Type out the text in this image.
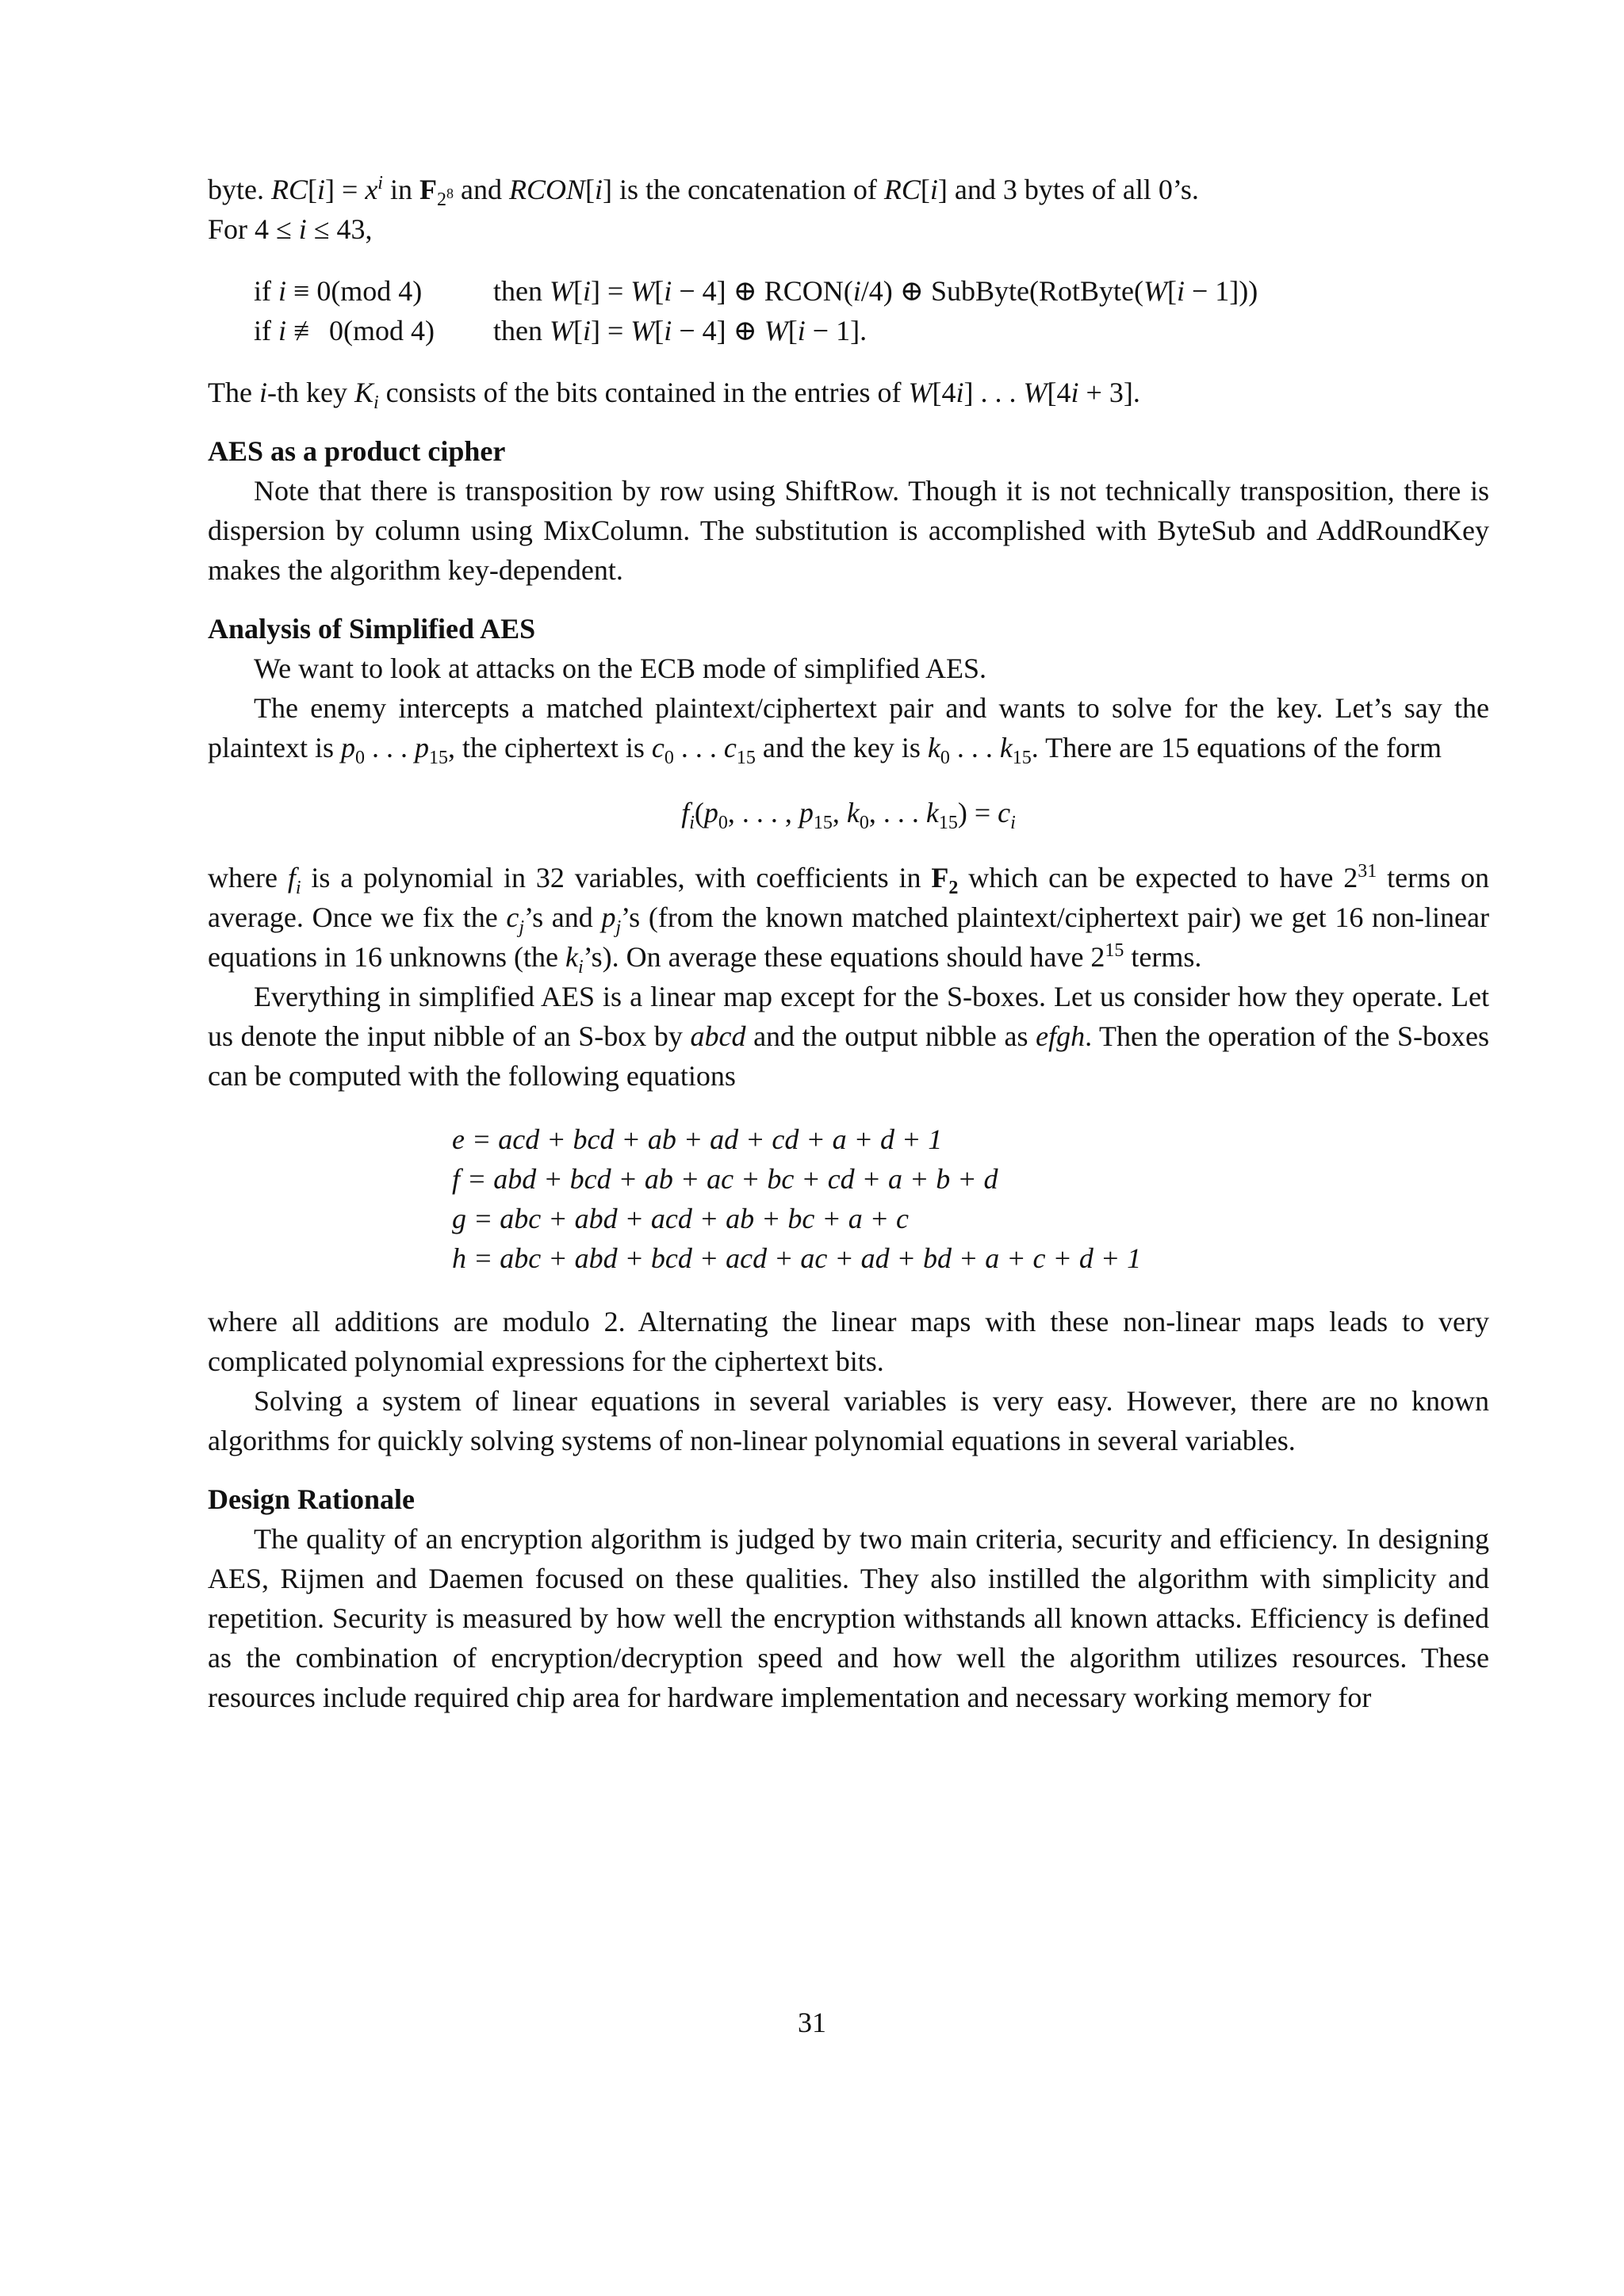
byte. $RC[i] = x^i$ in $F_{2^8}$ and RCON[i] is the concatenation of RC[i] and 3 bytes of all 0’s.

For 4 ≤ i ≤ 43,

if i ≡ 0(mod 4) then W[i] = W[i − 4] ⊕ RCON(i/4) ⊕ SubByte(RotByte(W[i − 1]))
if i ≢ 0(mod 4) then W[i] = W[i − 4] ⊕ W[i − 1].

The i-th key $K_i$ consists of the bits contained in the entries of W[4i] . . . W[4i + 3].

AES as a product cipher

Note that there is transposition by row using ShiftRow. Though it is not technically transposition, there is dispersion by column using MixColumn. The substitution is accomplished with ByteSub and AddRoundKey makes the algorithm key-dependent.

Analysis of Simplified AES

We want to look at attacks on the ECB mode of simplified AES.

The enemy intercepts a matched plaintext/ciphertext pair and wants to solve for the key. Let’s say the plaintext is $p_0$ . . . $p_{15}$, the ciphertext is $c_0$ . . . $c_{15}$ and the key is $k_0$ . . . $k_{15}$. There are 15 equations of the form

$f_i(p_0$, . . . , $p_{15}$, $k_0$, . . . $k_{15}) = c_i$

where $f_i$ is a polynomial in 32 variables, with coefficients in $F_2$ which can be expected to have $2^{31}$ terms on average. Once we fix the $c_j’s$ and $p_j’s$ (from the known matched plaintext/ciphertext pair) we get 16 non-linear equations in 16 unknowns (the $k_i’s$). On average these equations should have $2^{15}$ terms.

Everything in simplified AES is a linear map except for the S-boxes. Let us consider how they operate. Let us denote the input nibble of an S-box by abcd and the output nibble as efgh. Then the operation of the S-boxes can be computed with the following equations

e = acd + bcd + ab + ad + cd + a + d + 1
f = abd + bcd + ab + ac + bc + cd + a + b + d
g = abc + abd + acd + ab + bc + a + c
h = abc + abd + bcd + acd + ac + ad + bd + a + c + d + 1

where all additions are modulo 2. Alternating the linear maps with these non-linear maps leads to very complicated polynomial expressions for the ciphertext bits.

Solving a system of linear equations in several variables is very easy. However, there are no known algorithms for quickly solving systems of non-linear polynomial equations in several variables.

Design Rationale

The quality of an encryption algorithm is judged by two main criteria, security and efficiency. In designing AES, Rijmen and Daemen focused on these qualities. They also instilled the algorithm with simplicity and repetition. Security is measured by how well the encryption withstands all known attacks. Efficiency is defined as the combination of encryption/decryption speed and how well the algorithm utilizes resources. These resources include required chip area for hardware implementation and necessary working memory for

31
